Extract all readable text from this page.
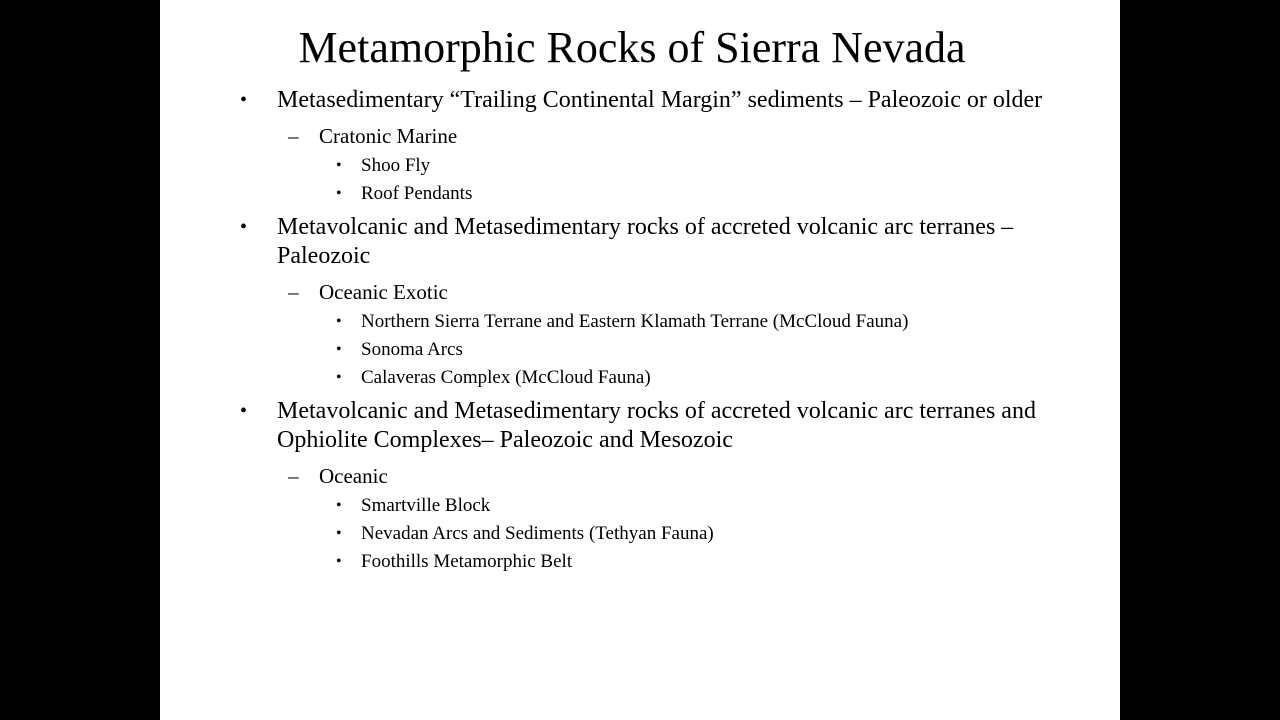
Metamorphic Rocks of Sierra Nevada
• Metasedimentary “Trailing Continental Margin” sediments – Paleozoic or older
– Cratonic Marine
• Shoo Fly
• Roof Pendants
• Metavolcanic and Metasedimentary rocks of accreted volcanic arc terranes – Paleozoic
– Oceanic Exotic
• Northern Sierra Terrane and Eastern Klamath Terrane (McCloud Fauna)
• Sonoma Arcs
• Calaveras Complex (McCloud Fauna)
• Metavolcanic and Metasedimentary rocks of accreted volcanic arc terranes and Ophiolite Complexes– Paleozoic and Mesozoic
– Oceanic
• Smartville Block
• Nevadan Arcs and Sediments (Tethyan Fauna)
• Foothills Metamorphic Belt
